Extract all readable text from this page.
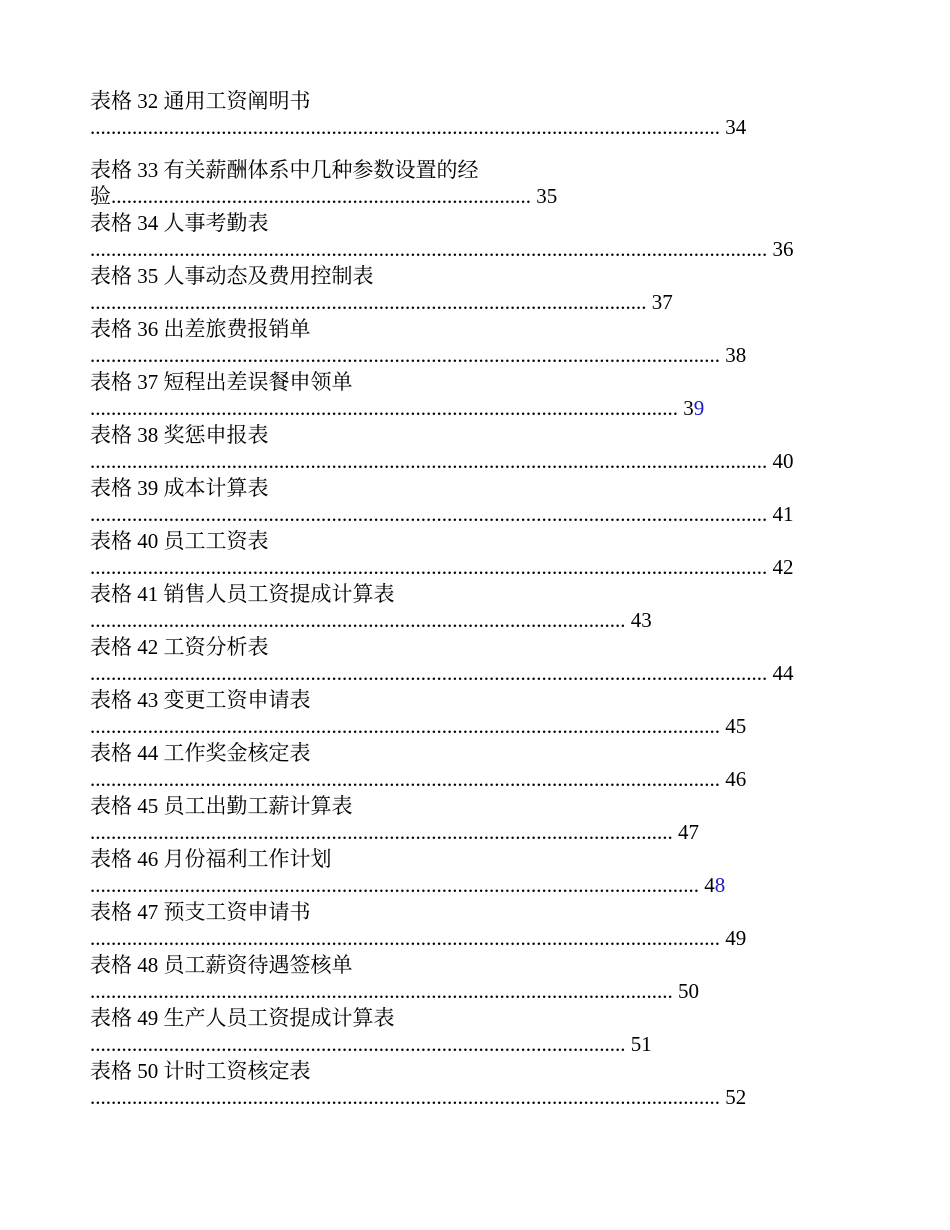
表格 32 通用工资阐明书
........................................................................................................................ 34
表格 33 有关薪酬体系中几种参数设置的经
验................................................................................ 35
表格 34 人事考勤表
................................................................................................................................. 36
表格 35 人事动态及费用控制表
.......................................................................................................... 37
表格 36 出差旅费报销单
........................................................................................................................ 38
表格 37 短程出差误餐申领单
................................................................................................................ 39
表格 38 奖惩申报表
................................................................................................................................. 40
表格 39 成本计算表
................................................................................................................................. 41
表格 40 员工工资表
................................................................................................................................. 42
表格 41 销售人员工资提成计算表
...................................................................................................... 43
表格 42 工资分析表
................................................................................................................................. 44
表格 43 变更工资申请表
........................................................................................................................ 45
表格 44 工作奖金核定表
........................................................................................................................ 46
表格 45 员工出勤工薪计算表
............................................................................................................... 47
表格 46 月份福利工作计划
.................................................................................................................... 48
表格 47 预支工资申请书
........................................................................................................................ 49
表格 48 员工薪资待遇签核单
............................................................................................................... 50
表格 49 生产人员工资提成计算表
...................................................................................................... 51
表格 50 计时工资核定表
........................................................................................................................ 52
